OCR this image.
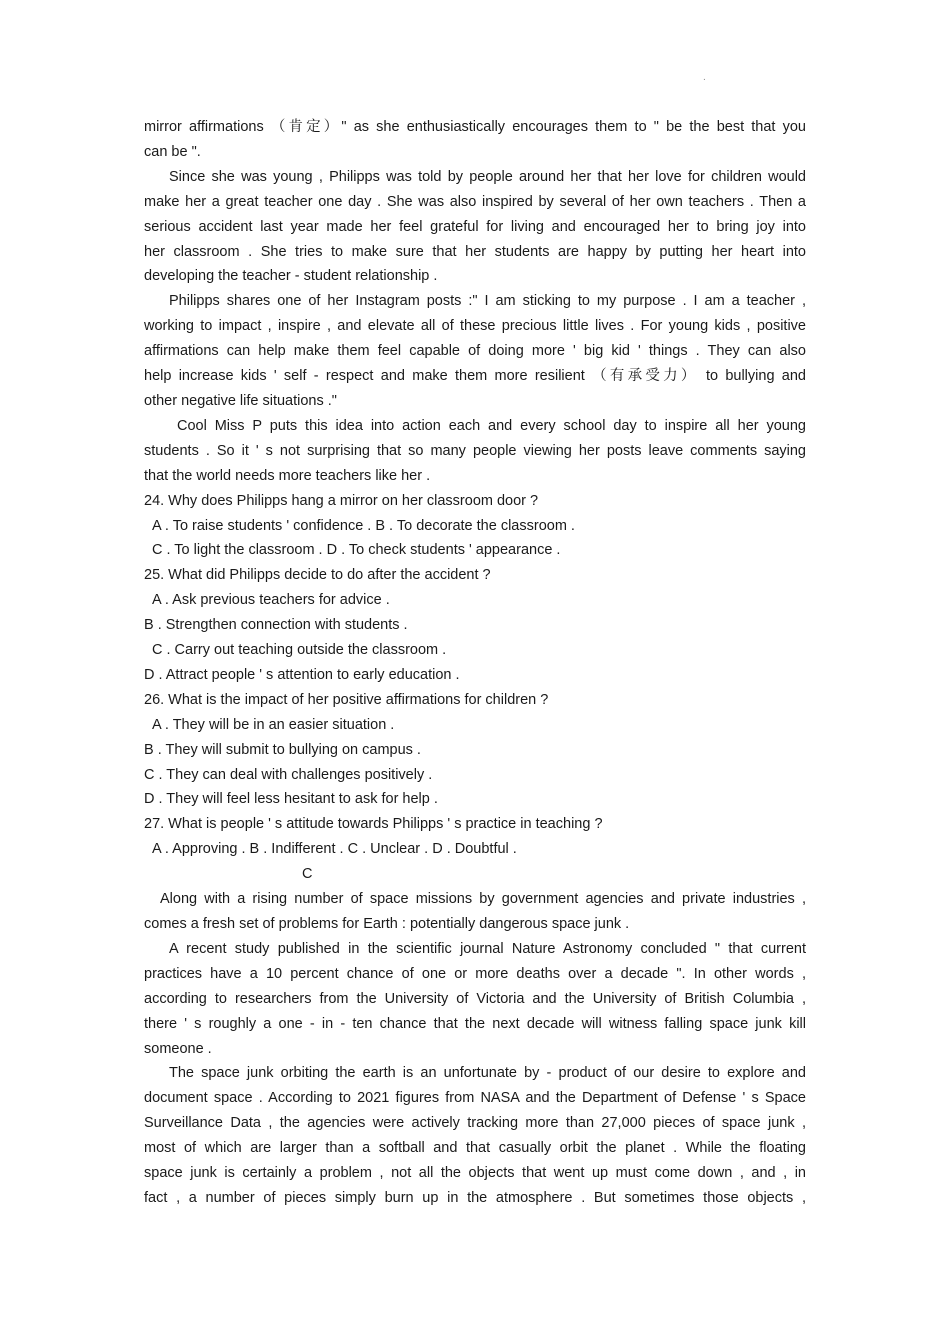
.
mirror affirmations （肯定）" as she enthusiastically encourages them to " be the best that you
can be ".
Since she was young , Philipps was told by people around her that her love for children would
make her a great teacher one day . She was also inspired by several of her own teachers . Then a
serious accident last year made her feel grateful for living and encouraged her to bring joy into
her classroom . She tries to make sure that her students are happy by putting her heart into
developing the teacher - student relationship .
Philipps shares one of her Instagram posts :" I am sticking to my purpose . I am a teacher ,
working to impact , inspire , and elevate all of these precious little lives . For young kids , positive
affirmations can help make them feel capable of doing more ' big kid ' things . They can also
help increase kids ' self - respect and make them more resilient （有承受力） to bullying and
other negative life situations ."
Cool Miss P puts this idea into action each and every school day to inspire all her young
students . So it ' s not surprising that so many people viewing her posts leave comments saying
that the world needs more teachers like her .
24. Why does Philipps hang a mirror on her classroom door ?
A . To raise students ' confidence . B . To decorate the classroom .
C . To light the classroom . D . To check students ' appearance .
25. What did Philipps decide to do after the accident ?
A . Ask previous teachers for advice .
B . Strengthen connection with students .
C . Carry out teaching outside the classroom .
D . Attract people ' s attention to early education .
26. What is the impact of her positive affirmations for children ?
A . They will be in an easier situation .
B . They will submit to bullying on campus .
C . They can deal with challenges positively .
D . They will feel less hesitant to ask for help .
27. What is people ' s attitude towards Philipps ' s practice in teaching ?
A . Approving . B . Indifferent . C . Unclear . D . Doubtful .
C
Along with a rising number of space missions by government agencies and private industries ,
comes a fresh set of problems for Earth : potentially dangerous space junk .
A recent study published in the scientific journal Nature Astronomy concluded " that current
practices have a 10 percent chance of one or more deaths over a decade ". In other words ,
according to researchers from the University of Victoria and the University of British Columbia ,
there ' s roughly a one - in - ten chance that the next decade will witness falling space junk kill
someone .
The space junk orbiting the earth is an unfortunate by - product of our desire to explore and
document space . According to 2021 figures from NASA and the Department of Defense ' s Space
Surveillance Data , the agencies were actively tracking more than 27,000 pieces of space junk ,
most of which are larger than a softball and that casually orbit the planet . While the floating
space junk is certainly a problem , not all the objects that went up must come down , and , in
fact , a number of pieces simply burn up in the atmosphere . But sometimes those objects ,
